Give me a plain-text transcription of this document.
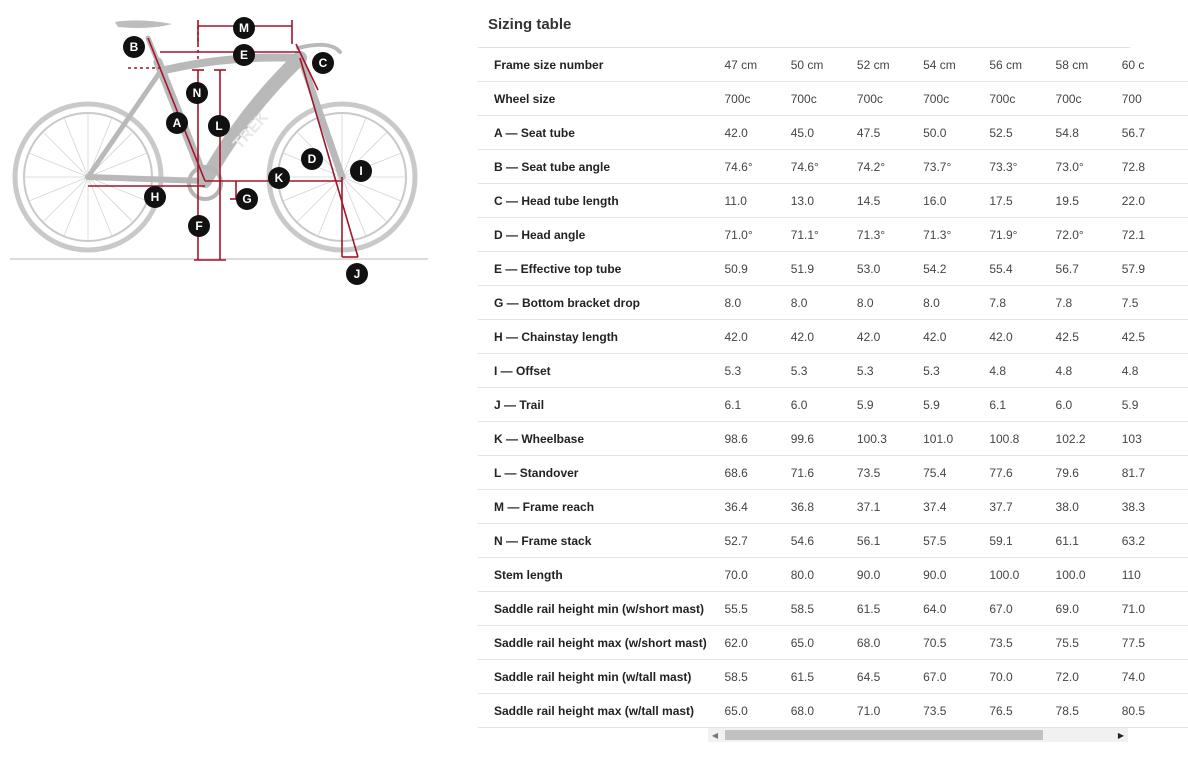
TREK
B
M
E
C
N
A	L
D
I
K
H	G
F
J
Sizing table
Frame size number	47 cm	50 cm	52 cm	54 cm	56 cm	58 cm	60 c
Wheel size	700c	700c	700c	700c	700c	700c	700
A — Seat tube	42.0	45.0	47.5	50.0	52.5	54.8	56.7
B — Seat tube angle	74.6°	74.6°	74.2°	73.7°	73.3°	73.0°	72.8
C — Head tube length	11.0	13.0	14.5	16.0	17.5	19.5	22.0
D — Head angle	71.0°	71.1°	71.3°	71.3°	71.9°	72.0°	72.1
E — Effective top tube	50.9	51.9	53.0	54.2	55.4	56.7	57.9
G — Bottom bracket drop	8.0	8.0	8.0	8.0	7.8	7.8	7.5
H — Chainstay length	42.0	42.0	42.0	42.0	42.0	42.5	42.5
I — Offset	5.3	5.3	5.3	5.3	4.8	4.8	4.8
J — Trail	6.1	6.0	5.9	5.9	6.1	6.0	5.9
K — Wheelbase	98.6	99.6	100.3	101.0	100.8	102.2	103
L — Standover	68.6	71.6	73.5	75.4	77.6	79.6	81.7
M — Frame reach	36.4	36.8	37.1	37.4	37.7	38.0	38.3
N — Frame stack	52.7	54.6	56.1	57.5	59.1	61.1	63.2
Stem length	70.0	80.0	90.0	90.0	100.0	100.0	110
Saddle rail height min (w/short mast)	55.5	58.5	61.5	64.0	67.0	69.0	71.0
Saddle rail height max (w/short mast)	62.0	65.0	68.0	70.5	73.5	75.5	77.5
Saddle rail height min (w/tall mast)	58.5	61.5	64.5	67.0	70.0	72.0	74.0
Saddle rail height max (w/tall mast)	65.0	68.0	71.0	73.5	76.5	78.5	80.5
◀	▶
